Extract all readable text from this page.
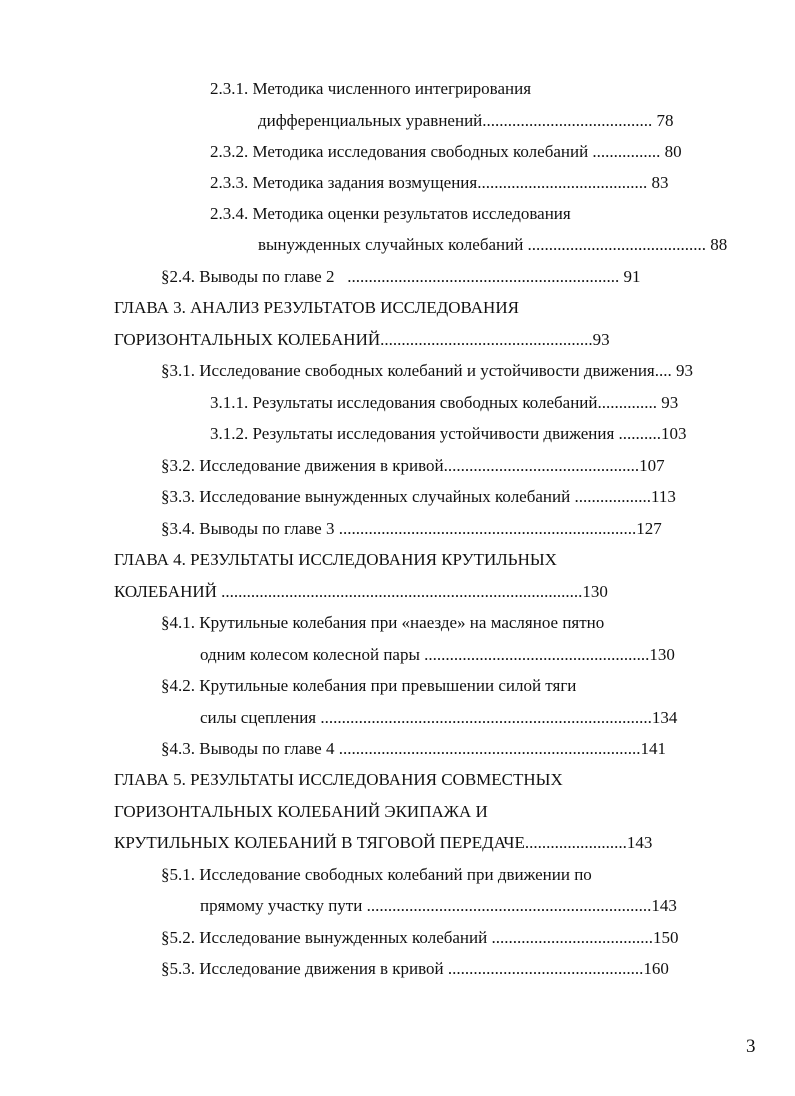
2.3.1. Методика численного интегрирования
дифференциальных уравнений........................................ 78
2.3.2. Методика исследования свободных колебаний ................ 80
2.3.3. Методика задания возмущения........................................ 83
2.3.4. Методика оценки результатов исследования
вынужденных случайных колебаний .......................................... 88
§2.4. Выводы по главе 2   ................................................................ 91
ГЛАВА 3. АНАЛИЗ РЕЗУЛЬТАТОВ ИССЛЕДОВАНИЯ
ГОРИЗОНТАЛЬНЫХ КОЛЕБАНИЙ..................................................93
§3.1. Исследование свободных колебаний и устойчивости движения.... 93
3.1.1. Результаты исследования свободных колебаний.............. 93
3.1.2. Результаты исследования устойчивости движения ..........103
§3.2. Исследование движения в кривой..............................................107
§3.3. Исследование вынужденных случайных колебаний ..................113
§3.4. Выводы по главе 3 ......................................................................127
ГЛАВА 4. РЕЗУЛЬТАТЫ ИССЛЕДОВАНИЯ КРУТИЛЬНЫХ
КОЛЕБАНИЙ .....................................................................................130
§4.1. Крутильные колебания при «наезде» на масляное пятно
одним колесом колесной пары .....................................................130
§4.2. Крутильные колебания при превышении силой тяги
силы сцепления ..............................................................................134
§4.3. Выводы по главе 4 .......................................................................141
ГЛАВА 5. РЕЗУЛЬТАТЫ ИССЛЕДОВАНИЯ СОВМЕСТНЫХ
ГОРИЗОНТАЛЬНЫХ КОЛЕБАНИЙ ЭКИПАЖА И
КРУТИЛЬНЫХ КОЛЕБАНИЙ В ТЯГОВОЙ ПЕРЕДАЧЕ........................143
§5.1. Исследование свободных колебаний при движении по
прямому участку пути ...................................................................143
§5.2. Исследование вынужденных колебаний ......................................150
§5.3. Исследование движения в кривой ..............................................160
3
